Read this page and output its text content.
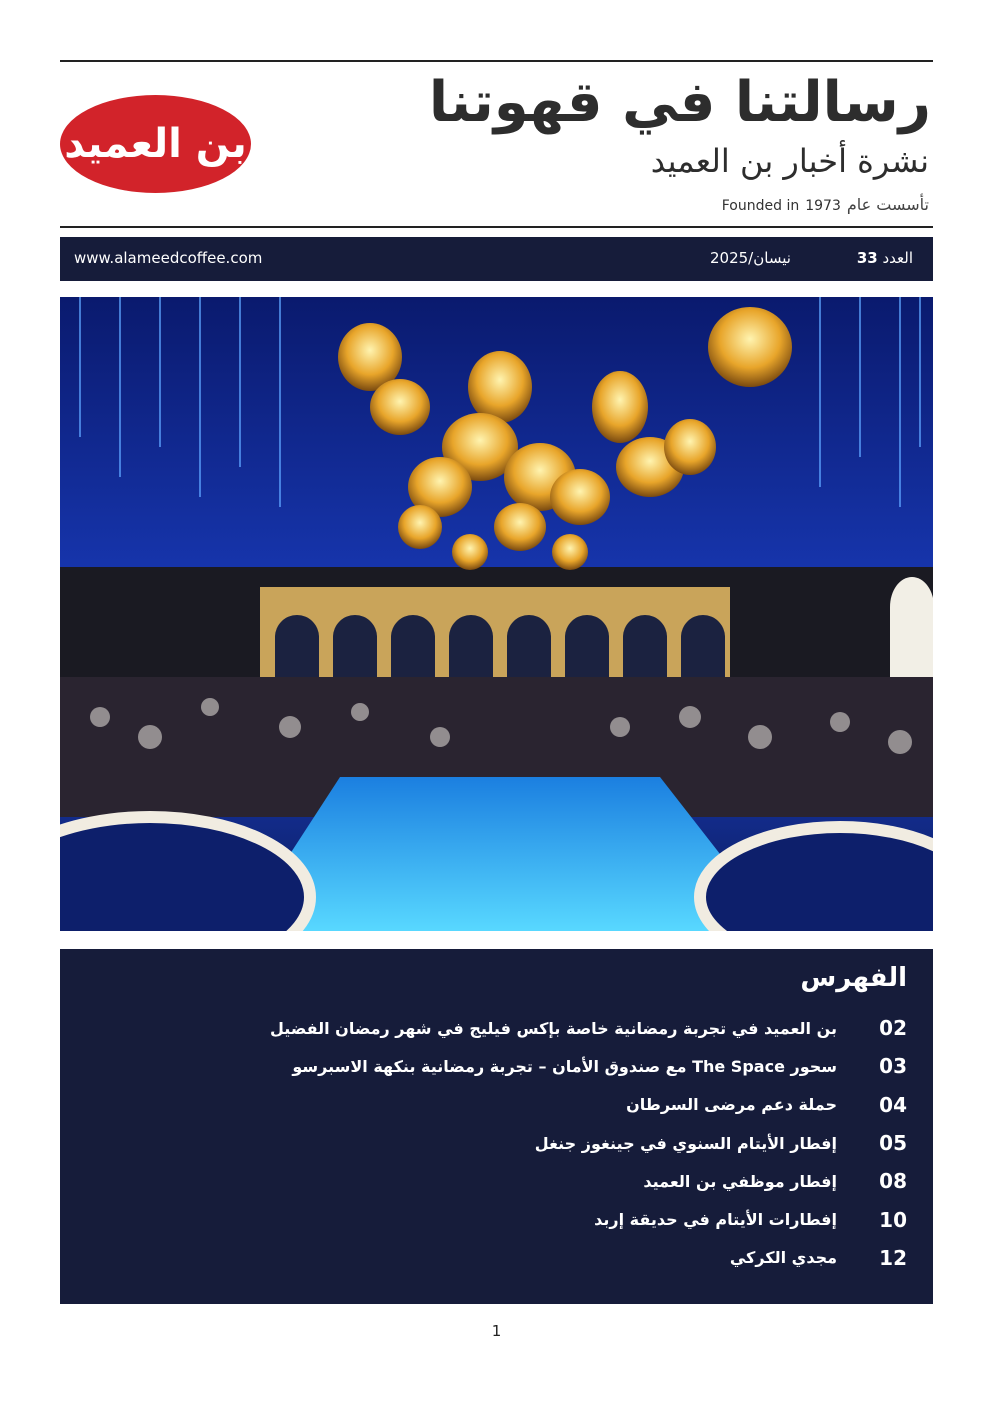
بن العميد
رسالتنا في قهوتنا
نشرة أخبار بن العميد
Founded in 1973 تأسست عام
www.alameedcoffee.com	2025/نيسان	العدد 33
الفهرس
02
بن العميد في تجربة رمضانية خاصة بإكس فيليج في شهر رمضان الفضيل
03
سحور The Space مع صندوق الأمان – تجربة رمضانية بنكهة الاسبرسو
04
حملة دعم مرضى السرطان
05
إفطار الأيتام السنوي في جينغوز جنغل
08
إفطار موظفي بن العميد
10
إفطارات الأيتام في حديقة إربد
12
مجدي الكركي
1
